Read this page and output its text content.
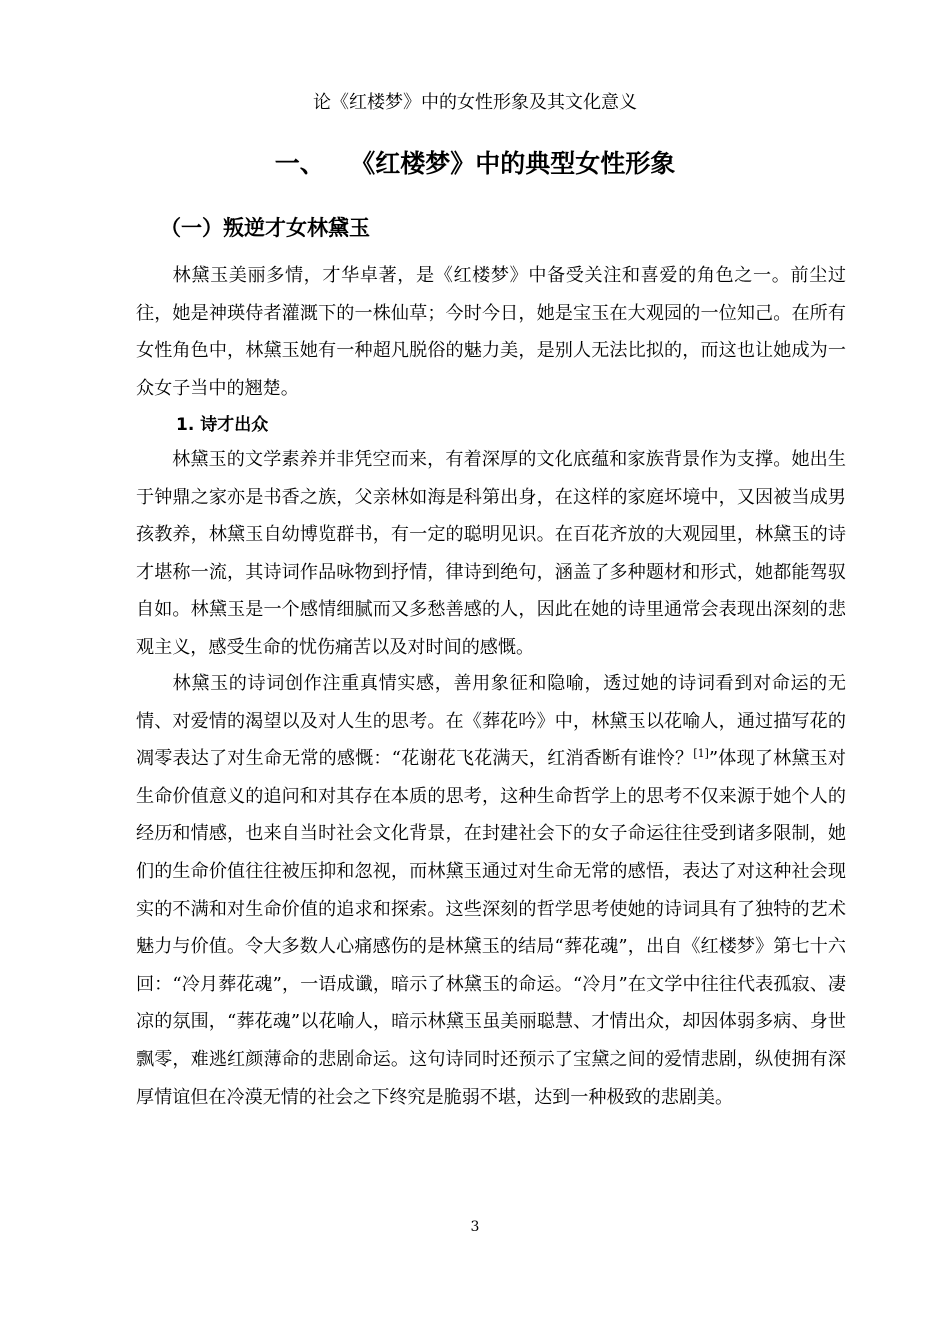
论《红楼梦》中的女性形象及其文化意义
一、 《红楼梦》中的典型女性形象
（一）叛逆才女林黛玉
林黛玉美丽多情，才华卓著，是《红楼梦》中备受关注和喜爱的角色之一。前尘过往，她是神瑛侍者灌溉下的一株仙草；今时今日，她是宝玉在大观园的一位知己。在所有女性角色中，林黛玉她有一种超凡脱俗的魅力美，是别人无法比拟的，而这也让她成为一众女子当中的翘楚。
1. 诗才出众
林黛玉的文学素养并非凭空而来，有着深厚的文化底蕴和家族背景作为支撑。她出生于钟鼎之家亦是书香之族，父亲林如海是科第出身，在这样的家庭坏境中，又因被当成男孩教养，林黛玉自幼博览群书，有一定的聪明见识。在百花齐放的大观园里，林黛玉的诗才堪称一流，其诗词作品咏物到抒情，律诗到绝句，涵盖了多种题材和形式，她都能驾驭自如。林黛玉是一个感情细腻而又多愁善感的人，因此在她的诗里通常会表现出深刻的悲观主义，感受生命的忧伤痛苦以及对时间的感慨。
林黛玉的诗词创作注重真情实感，善用象征和隐喻，透过她的诗词看到对命运的无情、对爱情的渴望以及对人生的思考。在《葬花吟》中，林黛玉以花喻人，通过描写花的凋零表达了对生命无常的感慨：“花谢花飞花满天，红消香断有谁怜？[1]”体现了林黛玉对生命价值意义的追问和对其存在本质的思考，这种生命哲学上的思考不仅来源于她个人的经历和情感，也来自当时社会文化背景，在封建社会下的女子命运往往受到诸多限制，她们的生命价值往往被压抑和忽视，而林黛玉通过对生命无常的感悟，表达了对这种社会现实的不满和对生命价值的追求和探索。这些深刻的哲学思考使她的诗词具有了独特的艺术魅力与价值。令大多数人心痛感伤的是林黛玉的结局“葬花魂”，出自《红楼梦》第七十六回：“冷月葬花魂”，一语成谶，暗示了林黛玉的命运。“冷月”在文学中往往代表孤寂、凄凉的氛围，“葬花魂”以花喻人，暗示林黛玉虽美丽聪慧、才情出众，却因体弱多病、身世飘零，难逃红颜薄命的悲剧命运。这句诗同时还预示了宝黛之间的爱情悲剧，纵使拥有深厚情谊但在冷漠无情的社会之下终究是脆弱不堪，达到一种极致的悲剧美。
3
